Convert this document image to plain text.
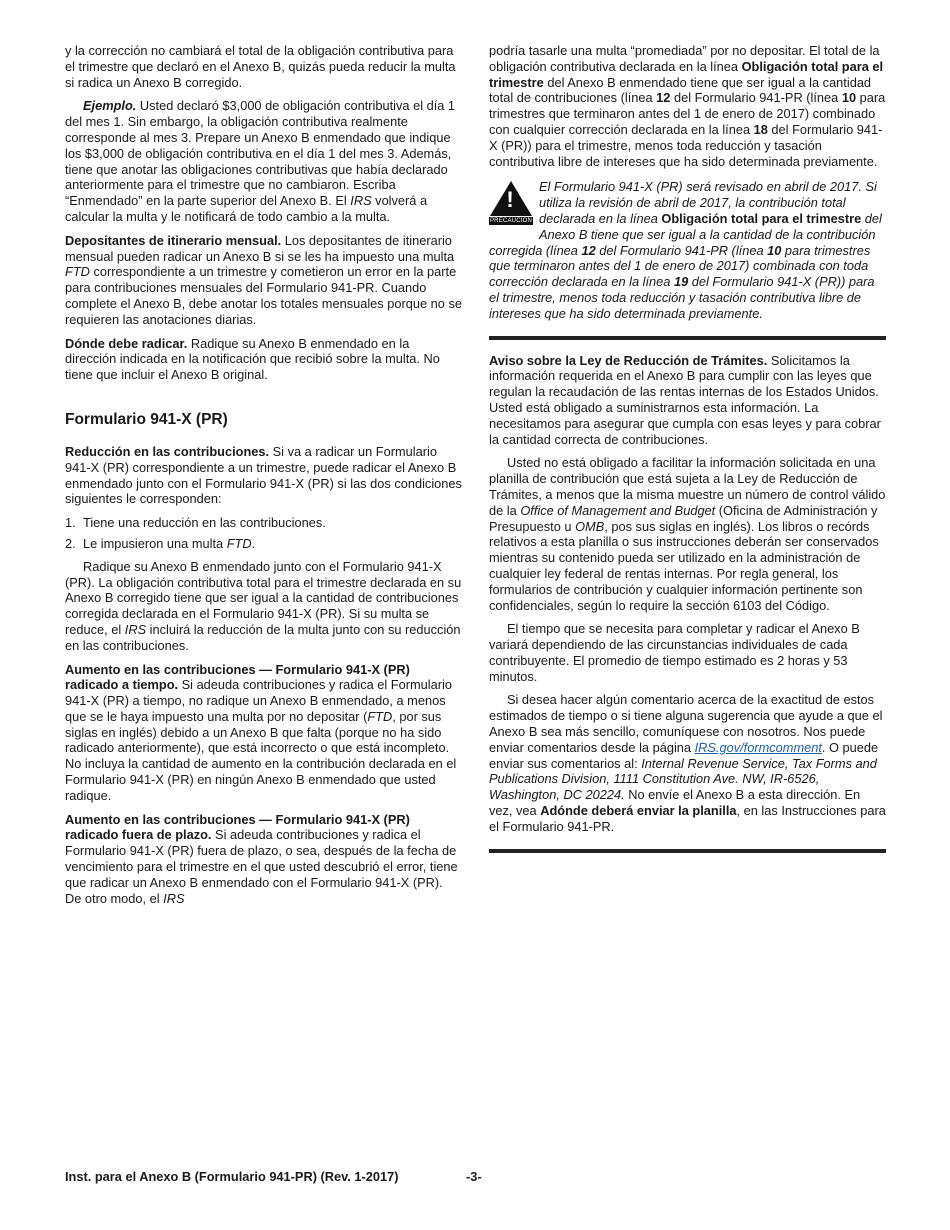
y la corrección no cambiará el total de la obligación contributiva para el trimestre que declaró en el Anexo B, quizás pueda reducir la multa si radica un Anexo B corregido.

Ejemplo. Usted declaró $3,000 de obligación contributiva el día 1 del mes 1. Sin embargo, la obligación contributiva realmente corresponde al mes 3. Prepare un Anexo B enmendado que indique los $3,000 de obligación contributiva en el día 1 del mes 3. Además, tiene que anotar las obligaciones contributivas que había declarado anteriormente para el trimestre que no cambiaron. Escriba “Enmendado” en la parte superior del Anexo B. El IRS volverá a calcular la multa y le notificará de todo cambio a la multa.

Depositantes de itinerario mensual. Los depositantes de itinerario mensual pueden radicar un Anexo B si se les ha impuesto una multa FTD correspondiente a un trimestre y cometieron un error en la parte para contribuciones mensuales del Formulario 941-PR. Cuando complete el Anexo B, debe anotar los totales mensuales porque no se requieren las anotaciones diarias.

Dónde debe radicar. Radique su Anexo B enmendado en la dirección indicada en la notificación que recibió sobre la multa. No tiene que incluir el Anexo B original.

Formulario 941-X (PR)

Reducción en las contribuciones. Si va a radicar un Formulario 941-X (PR) correspondiente a un trimestre, puede radicar el Anexo B enmendado junto con el Formulario 941-X (PR) si las dos condiciones siguientes le corresponden:

1. Tiene una reducción en las contribuciones.
2. Le impusieron una multa FTD.

Radique su Anexo B enmendado junto con el Formulario 941-X (PR). La obligación contributiva total para el trimestre declarada en su Anexo B corregido tiene que ser igual a la cantidad de contribuciones corregida declarada en el Formulario 941-X (PR). Si su multa se reduce, el IRS incluirá la reducción de la multa junto con su reducción en las contribuciones.

Aumento en las contribuciones — Formulario 941-X (PR) radicado a tiempo. Si adeuda contribuciones y radica el Formulario 941-X (PR) a tiempo, no radique un Anexo B enmendado, a menos que se le haya impuesto una multa por no depositar (FTD, por sus siglas en inglés) debido a un Anexo B que falta (porque no ha sido radicado anteriormente), que está incorrecto o que está incompleto. No incluya la cantidad de aumento en la contribución declarada en el Formulario 941-X (PR) en ningún Anexo B enmendado que usted radique.

Aumento en las contribuciones — Formulario 941-X (PR) radicado fuera de plazo. Si adeuda contribuciones y radica el Formulario 941-X (PR) fuera de plazo, o sea, después de la fecha de vencimiento para el trimestre en el que usted descubrió el error, tiene que radicar un Anexo B enmendado con el Formulario 941-X (PR). De otro modo, el IRS

podría tasarle una multa “promediada” por no depositar. El total de la obligación contributiva declarada en la línea Obligación total para el trimestre del Anexo B enmendado tiene que ser igual a la cantidad total de contribuciones (línea 12 del Formulario 941-PR (línea 10 para trimestres que terminaron antes del 1 de enero de 2017) combinado con cualquier corrección declarada en la línea 18 del Formulario 941-X (PR)) para el trimestre, menos toda reducción y tasación contributiva libre de intereses que ha sido determinada previamente.

!
PRECAUCION
El Formulario 941-X (PR) será revisado en abril de 2017. Si utiliza la revisión de abril de 2017, la contribución total declarada en la línea Obligación total para el trimestre del Anexo B tiene que ser igual a la cantidad de la contribución corregida (línea 12 del Formulario 941-PR (línea 10 para trimestres que terminaron antes del 1 de enero de 2017) combinada con toda corrección declarada en la línea 19 del Formulario 941-X (PR)) para el trimestre, menos toda reducción y tasación contributiva libre de intereses que ha sido determinada previamente.

Aviso sobre la Ley de Reducción de Trámites. Solicitamos la información requerida en el Anexo B para cumplir con las leyes que regulan la recaudación de las rentas internas de los Estados Unidos. Usted está obligado a suministrarnos esta información. La necesitamos para asegurar que cumpla con esas leyes y para cobrar la cantidad correcta de contribuciones.

Usted no está obligado a facilitar la información solicitada en una planilla de contribución que está sujeta a la Ley de Reducción de Trámites, a menos que la misma muestre un número de control válido de la Office of Management and Budget (Oficina de Administración y Presupuesto u OMB, pos sus siglas en inglés). Los libros o recórds relativos a esta planilla o sus instrucciones deberán ser conservados mientras su contenido pueda ser utilizado en la administración de cualquier ley federal de rentas internas. Por regla general, los formularios de contribución y cualquier información pertinente son confidenciales, según lo require la sección 6103 del Código.

El tiempo que se necesita para completar y radicar el Anexo B variará dependiendo de las circunstancias individuales de cada contribuyente. El promedio de tiempo estimado es 2 horas y 53 minutos.

Si desea hacer algún comentario acerca de la exactitud de estos estimados de tiempo o si tiene alguna sugerencia que ayude a que el Anexo B sea más sencillo, comuníquese con nosotros. Nos puede enviar comentarios desde la página IRS.gov/formcomment. O puede enviar sus comentarios al: Internal Revenue Service, Tax Forms and Publications Division, 1111 Constitution Ave. NW, IR-6526, Washington, DC 20224. No envíe el Anexo B a esta dirección. En vez, vea Adónde deberá enviar la planilla, en las Instrucciones para el Formulario 941-PR.

Inst. para el Anexo B (Formulario 941-PR) (Rev. 1-2017)	-3-
